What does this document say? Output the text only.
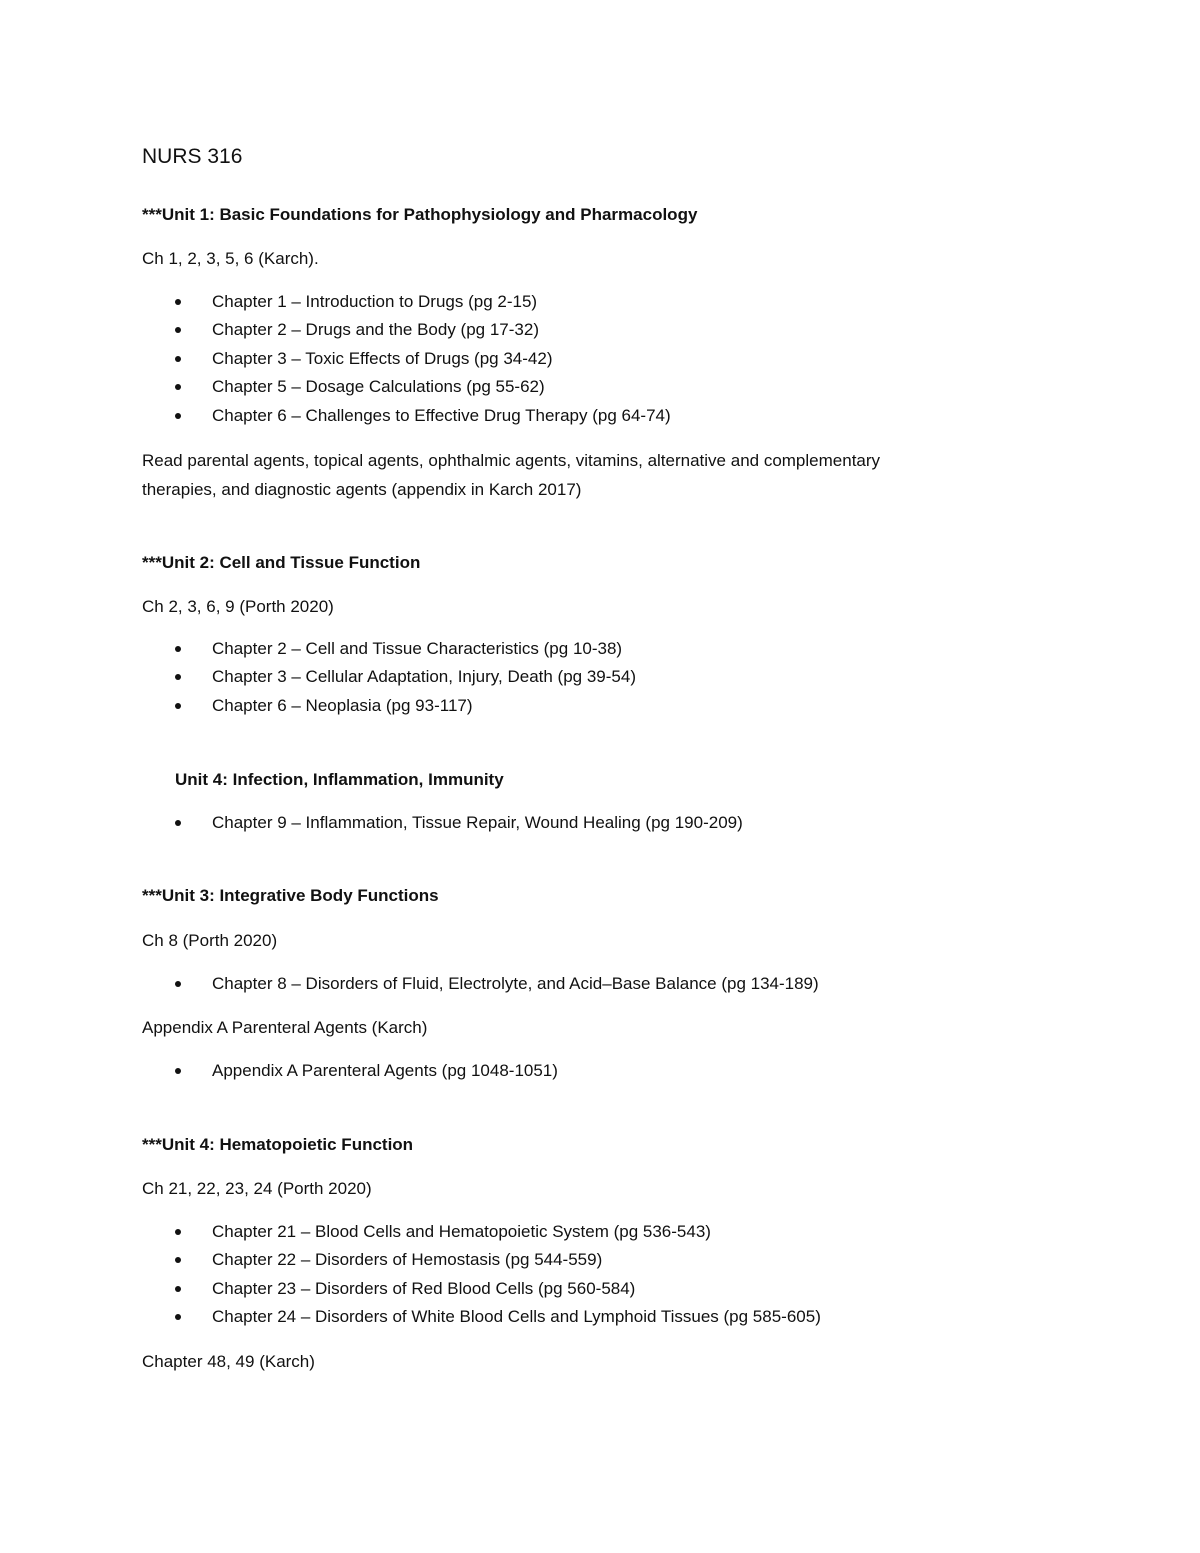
NURS 316
***Unit 1: Basic Foundations for Pathophysiology and Pharmacology
Ch 1, 2, 3, 5, 6 (Karch).
Chapter 1 – Introduction to Drugs (pg 2-15)
Chapter 2 – Drugs and the Body (pg 17-32)
Chapter 3 – Toxic Effects of Drugs (pg 34-42)
Chapter 5 – Dosage Calculations (pg 55-62)
Chapter 6 – Challenges to Effective Drug Therapy (pg 64-74)
Read parental agents, topical agents, ophthalmic agents, vitamins, alternative and complementary
therapies, and diagnostic agents (appendix in Karch 2017)
***Unit 2: Cell and Tissue Function
Ch 2, 3, 6, 9 (Porth 2020)
Chapter 2 – Cell and Tissue Characteristics (pg 10-38)
Chapter 3 – Cellular Adaptation, Injury, Death (pg 39-54)
Chapter 6 – Neoplasia (pg 93-117)
Unit 4: Infection, Inflammation, Immunity
Chapter 9 – Inflammation, Tissue Repair, Wound Healing (pg 190-209)
***Unit 3: Integrative Body Functions
Ch 8 (Porth 2020)
Chapter 8 – Disorders of Fluid, Electrolyte, and Acid–Base Balance (pg 134-189)
Appendix A Parenteral Agents (Karch)
Appendix A Parenteral Agents (pg 1048-1051)
***Unit 4: Hematopoietic Function
Ch 21, 22, 23, 24 (Porth 2020)
Chapter 21 – Blood Cells and Hematopoietic System (pg 536-543)
Chapter 22 – Disorders of Hemostasis (pg 544-559)
Chapter 23 – Disorders of Red Blood Cells (pg 560-584)
Chapter 24 – Disorders of White Blood Cells and Lymphoid Tissues (pg 585-605)
Chapter 48, 49 (Karch)
